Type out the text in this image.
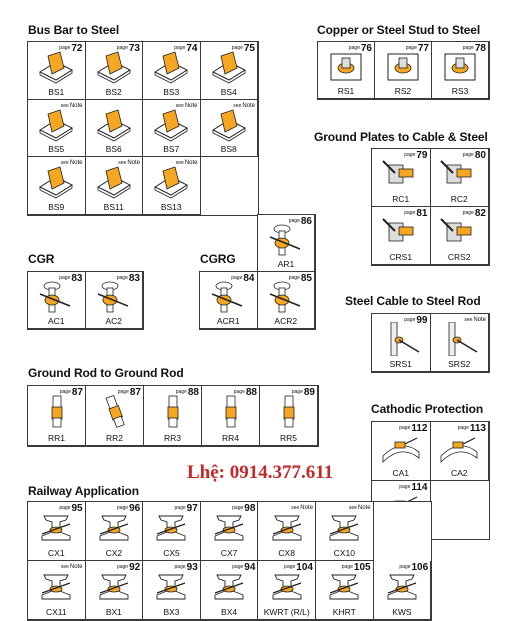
Bus Bar to Steel	Copper or Steel Stud to Steel
Ground Plates to Cable & Steel
CGR	CGRG
Steel Cable to Steel Rod
Ground Rod to Ground Rod
Cathodic Protection
Railway Application
Lhệ: 0914.377.611
$^{page}$72
BS1
$^{page}$73
BS2
$^{page}$74
BS3
$^{page}$75
BS4
$^{see}$Note
BS5	BS6
$^{see}$Note
BS7
$^{see}$Note
BS8
$^{see}$Note
BS9
$^{see}$Note
BS11
$^{see}$Note
BS13
$^{page}$76
RS1
$^{page}$77
RS2
$^{page}$78
RS3
$^{page}$79
RC1
$^{page}$80
RC2
$^{page}$81
CRS1
$^{page}$82
CRS2
$^{page}$86
AR1
$^{page}$83
AC1
$^{page}$83
AC2
$^{page}$84
ACR1
$^{page}$85
ACR2	$^{page}$99
SRS1
$^{see}$Note
SRS2
$^{page}$87
RR1
$^{page}$87
RR2
$^{page}$88
RR3
$^{page}$88
RR4
$^{page}$89
RR5
$^{page}$112
CA1
$^{page}$113
CA2
$^{page}$114
$^{page}$95
CX1
$^{page}$96
CX2
$^{page}$97
CX5
$^{page}$98
CX7
$^{see}$Note
CX8
$^{see}$Note
CX10
$^{see}$Note
CX11
$^{page}$92
BX1
$^{page}$93
BX3
$^{page}$94
BX4
$^{page}$104
KWRT (R/L)
$^{page}$105
KHRT
$^{page}$106
KWS
